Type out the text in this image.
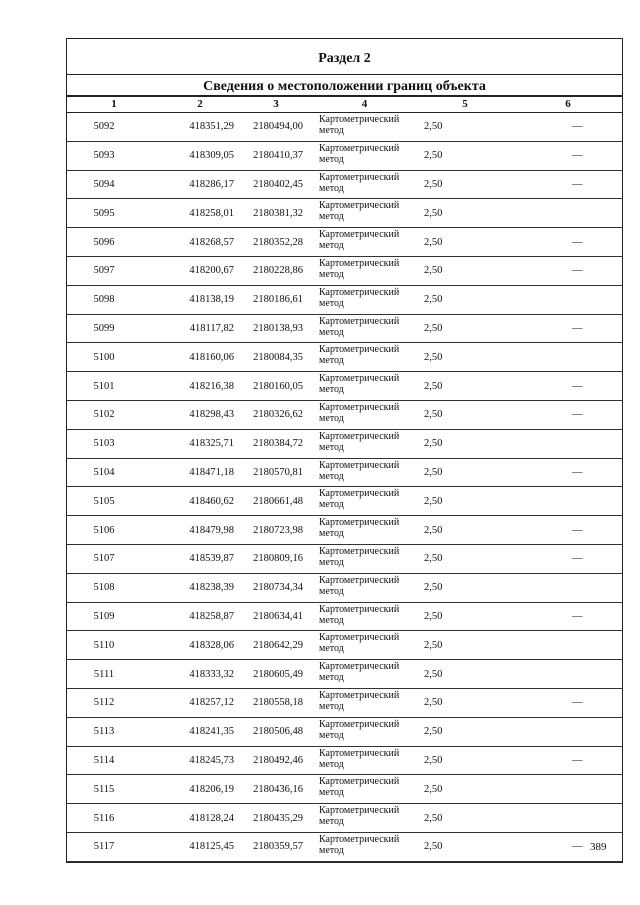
Раздел 2
Сведения о местоположении границ объекта
1	2	3	4	5	6
5092	418351,29	2180494,00	Картометрический
метод	2,50	—
5093	418309,05	2180410,37	Картометрический
метод	2,50	—
5094	418286,17	2180402,45	Картометрический
метод	2,50	—
5095	418258,01	2180381,32	Картометрический
метод	2,50	
5096	418268,57	2180352,28	Картометрический
метод	2,50	—
5097	418200,67	2180228,86	Картометрический
метод	2,50	—
5098	418138,19	2180186,61	Картометрический
метод	2,50	
5099	418117,82	2180138,93	Картометрический
метод	2,50	—
5100	418160,06	2180084,35	Картометрический
метод	2,50	
5101	418216,38	2180160,05	Картометрический
метод	2,50	—
5102	418298,43	2180326,62	Картометрический
метод	2,50	—
5103	418325,71	2180384,72	Картометрический
метод	2,50	
5104	418471,18	2180570,81	Картометрический
метод	2,50	—
5105	418460,62	2180661,48	Картометрический
метод	2,50	
5106	418479,98	2180723,98	Картометрический
метод	2,50	—
5107	418539,87	2180809,16	Картометрический
метод	2,50	—
5108	418238,39	2180734,34	Картометрический
метод	2,50	
5109	418258,87	2180634,41	Картометрический
метод	2,50	—
5110	418328,06	2180642,29	Картометрический
метод	2,50	
5111	418333,32	2180605,49	Картометрический
метод	2,50	
5112	418257,12	2180558,18	Картометрический
метод	2,50	—
5113	418241,35	2180506,48	Картометрический
метод	2,50	
5114	418245,73	2180492,46	Картометрический
метод	2,50	—
5115	418206,19	2180436,16	Картометрический
метод	2,50	
5116	418128,24	2180435,29	Картометрический
метод	2,50	
5117	418125,45	2180359,57	Картометрический
метод	2,50	— 389
